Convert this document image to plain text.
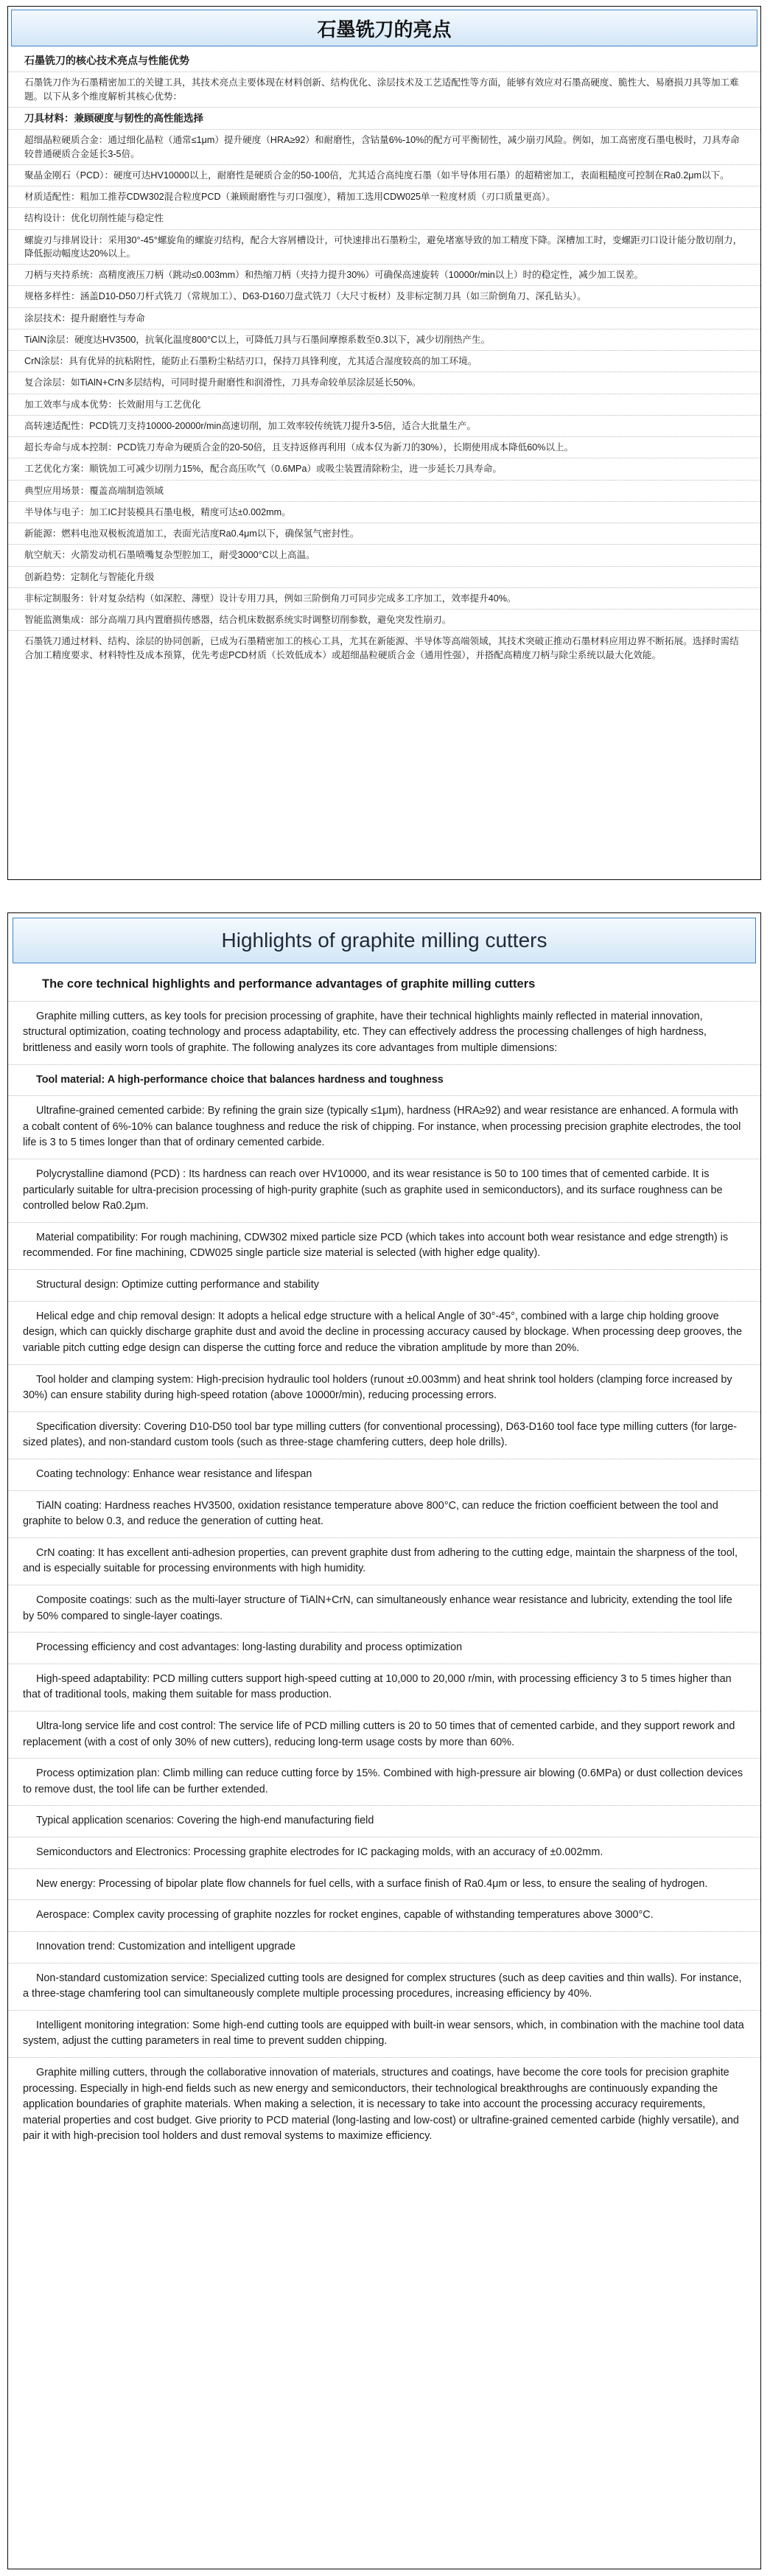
石墨铣刀的亮点

石墨铣刀的核心技术亮点与性能优势

石墨铣刀作为石墨精密加工的关键工具，其技术亮点主要体现在材料创新、结构优化、涂层技术及工艺适配性等方面，能够有效应对石墨高硬度、脆性大、易磨损刀具等加工难题。以下从多个维度解析其核心优势：

刀具材料：兼顾硬度与韧性的高性能选择

超细晶粒硬质合金：通过细化晶粒（通常≤1μm）提升硬度（HRA≥92）和耐磨性，含钴量6%-10%的配方可平衡韧性，减少崩刃风险。例如，加工高密度石墨电极时，刀具寿命较普通硬质合金延长3-5倍。

聚晶金刚石（PCD）：硬度可达HV10000以上，耐磨性是硬质合金的50-100倍，尤其适合高纯度石墨（如半导体用石墨）的超精密加工，表面粗糙度可控制在Ra0.2μm以下。

材质适配性：粗加工推荐CDW302混合粒度PCD（兼顾耐磨性与刃口强度），精加工选用CDW025单一粒度材质（刃口质量更高）。

结构设计：优化切削性能与稳定性

螺旋刃与排屑设计：采用30°-45°螺旋角的螺旋刃结构，配合大容屑槽设计，可快速排出石墨粉尘，避免堵塞导致的加工精度下降。深槽加工时，变螺距刃口设计能分散切削力，降低振动幅度达20%以上。

刀柄与夹持系统：高精度液压刀柄（跳动≤0.003mm）和热缩刀柄（夹持力提升30%）可确保高速旋转（10000r/min以上）时的稳定性，减少加工误差。

规格多样性：涵盖D10-D50刀杆式铣刀（常规加工）、D63-D160刀盘式铣刀（大尺寸板材）及非标定制刀具（如三阶倒角刀、深孔钻头）。

涂层技术：提升耐磨性与寿命

TiAlN涂层：硬度达HV3500，抗氧化温度800°C以上，可降低刀具与石墨间摩擦系数至0.3以下，减少切削热产生。

CrN涂层：具有优异的抗粘附性，能防止石墨粉尘粘结刃口，保持刀具锋利度，尤其适合湿度较高的加工环境。

复合涂层：如TiAlN+CrN多层结构，可同时提升耐磨性和润滑性，刀具寿命较单层涂层延长50%。

加工效率与成本优势：长效耐用与工艺优化

高转速适配性：PCD铣刀支持10000-20000r/min高速切削，加工效率较传统铣刀提升3-5倍，适合大批量生产。

超长寿命与成本控制：PCD铣刀寿命为硬质合金的20-50倍，且支持返修再利用（成本仅为新刀的30%），长期使用成本降低60%以上。

工艺优化方案：顺铣加工可减少切削力15%，配合高压吹气（0.6MPa）或吸尘装置清除粉尘，进一步延长刀具寿命。

典型应用场景：覆盖高端制造领域

半导体与电子：加工IC封装模具石墨电极，精度可达±0.002mm。

新能源：燃料电池双极板流道加工，表面光洁度Ra0.4μm以下，确保氢气密封性。

航空航天：火箭发动机石墨喷嘴复杂型腔加工，耐受3000°C以上高温。

创新趋势：定制化与智能化升级

非标定制服务：针对复杂结构（如深腔、薄壁）设计专用刀具，例如三阶倒角刀可同步完成多工序加工，效率提升40%。

智能监测集成：部分高端刀具内置磨损传感器，结合机床数据系统实时调整切削参数，避免突发性崩刃。

石墨铣刀通过材料、结构、涂层的协同创新，已成为石墨精密加工的核心工具，尤其在新能源、半导体等高端领域，其技术突破正推动石墨材料应用边界不断拓展。选择时需结合加工精度要求、材料特性及成本预算，优先考虑PCD材质（长效低成本）或超细晶粒硬质合金（通用性强），并搭配高精度刀柄与除尘系统以最大化效能。

Highlights of graphite milling cutters

The core technical highlights and performance advantages of graphite milling cutters

Graphite milling cutters, as key tools for precision processing of graphite, have their technical highlights mainly reflected in material innovation, structural optimization, coating technology and process adaptability, etc. They can effectively address the processing challenges of high hardness, brittleness and easily worn tools of graphite. The following analyzes its core advantages from multiple dimensions:

Tool material: A high-performance choice that balances hardness and toughness

Ultrafine-grained cemented carbide: By refining the grain size (typically ≤1μm), hardness (HRA≥92) and wear resistance are enhanced. A formula with a cobalt content of 6%-10% can balance toughness and reduce the risk of chipping. For instance, when processing precision graphite electrodes, the tool life is 3 to 5 times longer than that of ordinary cemented carbide.

Polycrystalline diamond (PCD) : Its hardness can reach over HV10000, and its wear resistance is 50 to 100 times that of cemented carbide. It is particularly suitable for ultra-precision processing of high-purity graphite (such as graphite used in semiconductors), and its surface roughness can be controlled below Ra0.2μm.

Material compatibility: For rough machining, CDW302 mixed particle size PCD (which takes into account both wear resistance and edge strength) is recommended. For fine machining, CDW025 single particle size material is selected (with higher edge quality).

Structural design: Optimize cutting performance and stability

Helical edge and chip removal design: It adopts a helical edge structure with a helical Angle of 30°-45°, combined with a large chip holding groove design, which can quickly discharge graphite dust and avoid the decline in processing accuracy caused by blockage. When processing deep grooves, the variable pitch cutting edge design can disperse the cutting force and reduce the vibration amplitude by more than 20%.

Tool holder and clamping system: High-precision hydraulic tool holders (runout ±0.003mm) and heat shrink tool holders (clamping force increased by 30%) can ensure stability during high-speed rotation (above 10000r/min), reducing processing errors.

Specification diversity: Covering D10-D50 tool bar type milling cutters (for conventional processing), D63-D160 tool face type milling cutters (for large-sized plates), and non-standard custom tools (such as three-stage chamfering cutters, deep hole drills).

Coating technology: Enhance wear resistance and lifespan

TiAlN coating: Hardness reaches HV3500, oxidation resistance temperature above 800°C, can reduce the friction coefficient between the tool and graphite to below 0.3, and reduce the generation of cutting heat.

CrN coating: It has excellent anti-adhesion properties, can prevent graphite dust from adhering to the cutting edge, maintain the sharpness of the tool, and is especially suitable for processing environments with high humidity.

Composite coatings: such as the multi-layer structure of TiAlN+CrN, can simultaneously enhance wear resistance and lubricity, extending the tool life by 50% compared to single-layer coatings.

Processing efficiency and cost advantages: long-lasting durability and process optimization

High-speed adaptability: PCD milling cutters support high-speed cutting at 10,000 to 20,000 r/min, with processing efficiency 3 to 5 times higher than that of traditional tools, making them suitable for mass production.

Ultra-long service life and cost control: The service life of PCD milling cutters is 20 to 50 times that of cemented carbide, and they support rework and replacement (with a cost of only 30% of new cutters), reducing long-term usage costs by more than 60%.

Process optimization plan: Climb milling can reduce cutting force by 15%. Combined with high-pressure air blowing (0.6MPa) or dust collection devices to remove dust, the tool life can be further extended.

Typical application scenarios: Covering the high-end manufacturing field

Semiconductors and Electronics: Processing graphite electrodes for IC packaging molds, with an accuracy of ±0.002mm.

New energy: Processing of bipolar plate flow channels for fuel cells, with a surface finish of Ra0.4μm or less, to ensure the sealing of hydrogen.

Aerospace: Complex cavity processing of graphite nozzles for rocket engines, capable of withstanding temperatures above 3000°C.

Innovation trend: Customization and intelligent upgrade

Non-standard customization service: Specialized cutting tools are designed for complex structures (such as deep cavities and thin walls). For instance, a three-stage chamfering tool can simultaneously complete multiple processing procedures, increasing efficiency by 40%.

Intelligent monitoring integration: Some high-end cutting tools are equipped with built-in wear sensors, which, in combination with the machine tool data system, adjust the cutting parameters in real time to prevent sudden chipping.

Graphite milling cutters, through the collaborative innovation of materials, structures and coatings, have become the core tools for precision graphite processing. Especially in high-end fields such as new energy and semiconductors, their technological breakthroughs are continuously expanding the application boundaries of graphite materials. When making a selection, it is necessary to take into account the processing accuracy requirements, material properties and cost budget. Give priority to PCD material (long-lasting and low-cost) or ultrafine-grained cemented carbide (highly versatile), and pair it with high-precision tool holders and dust removal systems to maximize efficiency.
